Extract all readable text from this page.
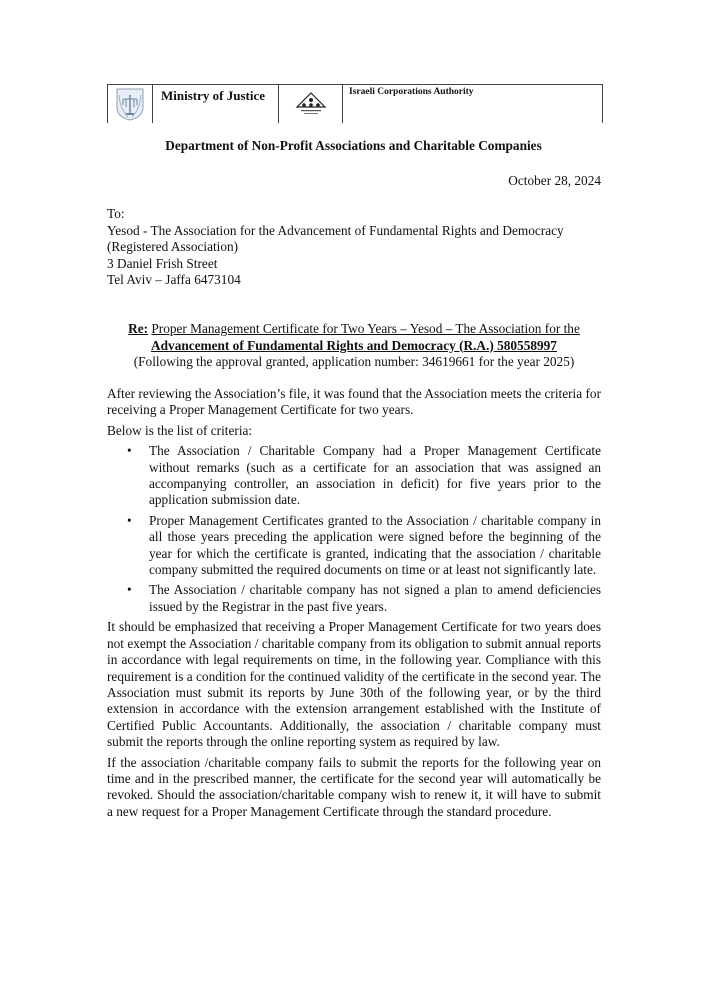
Ministry of Justice	Israeli Corporations Authority
Department of Non-Profit Associations and Charitable Companies
October 28, 2024
To:
Yesod - The Association for the Advancement of Fundamental Rights and Democracy
(Registered Association)
3 Daniel Frish Street
Tel Aviv – Jaffa 6473104
Re: Proper Management Certificate for Two Years – Yesod – The Association for the
Advancement of Fundamental Rights and Democracy (R.A.) 580558997
(Following the approval granted, application number: 34619661 for the year 2025)

After reviewing the Association’s file, it was found that the Association meets the criteria for receiving a Proper Management Certificate for two years.

Below is the list of criteria:

• The Association / Charitable Company had a Proper Management Certificate without remarks (such as a certificate for an association that was assigned an accompanying controller, an association in deficit) for five years prior to the application submission date.
• Proper Management Certificates granted to the Association / charitable company in all those years preceding the application were signed before the beginning of the year for which the certificate is granted, indicating that the association / charitable company submitted the required documents on time or at least not significantly late.
• The Association / charitable company has not signed a plan to amend deficiencies issued by the Registrar in the past five years.

It should be emphasized that receiving a Proper Management Certificate for two years does not exempt the Association / charitable company from its obligation to submit annual reports in accordance with legal requirements on time, in the following year. Compliance with this requirement is a condition for the continued validity of the certificate in the second year. The Association must submit its reports by June 30th of the following year, or by the third extension in accordance with the extension arrangement established with the Institute of Certified Public Accountants. Additionally, the association / charitable company must submit the reports through the online reporting system as required by law.

If the association /charitable company fails to submit the reports for the following year on time and in the prescribed manner, the certificate for the second year will automatically be revoked. Should the association/charitable company wish to renew it, it will have to submit a new request for a Proper Management Certificate through the standard procedure.
